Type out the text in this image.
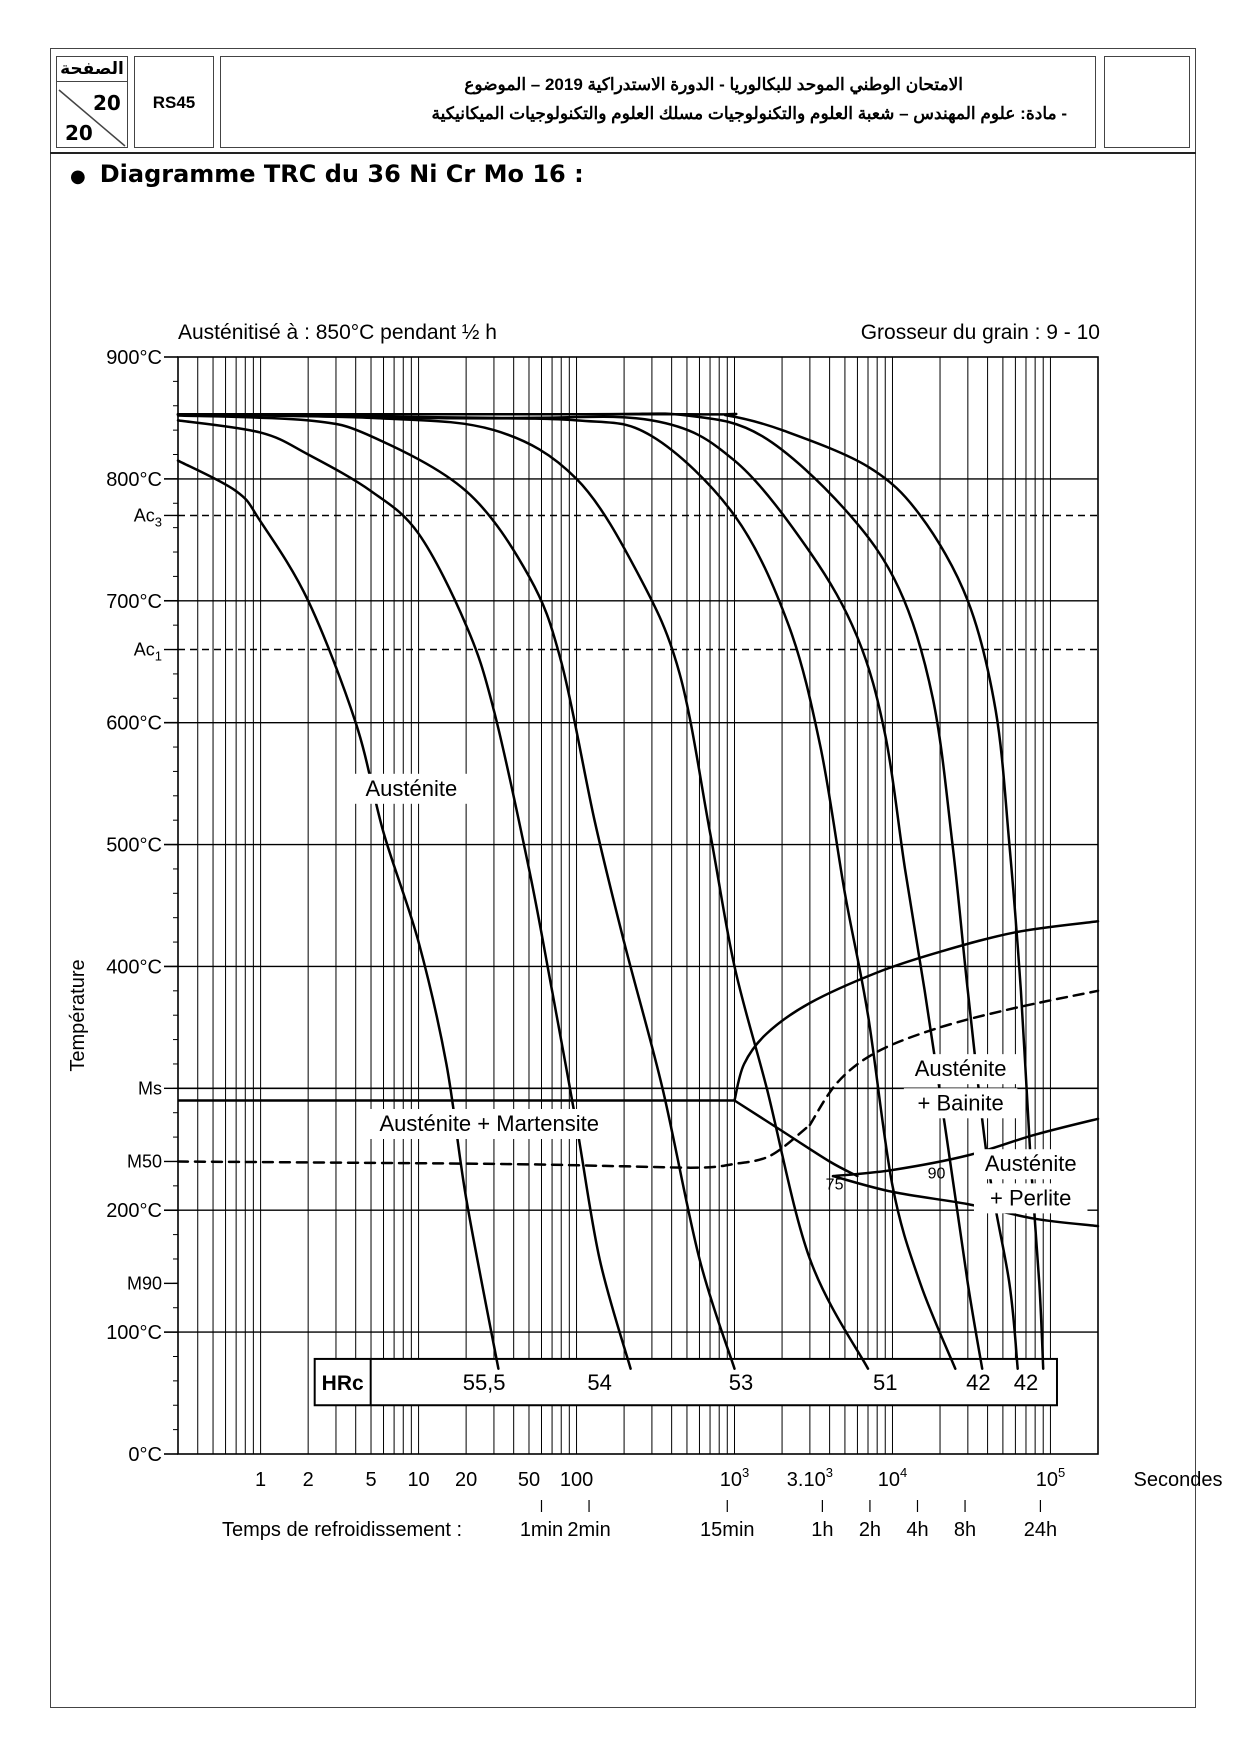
الصفحة
20
20
RS45
الامتحان الوطني الموحد للبكالوريا - الدورة الاستدراكية 2019 – الموضوع
- مادة: علوم المهندس – شعبة العلوم والتكنولوجيات مسلك العلوم والتكنولوجيات الميكانيكية
● Diagramme TRC du 36 Ni Cr Mo 16 :
HRc	55,5	54	53	51	42 42
900°C
800°C
700°C
600°C
500°C
400°C
200°C
100°C
0°C
$Ac_3$
$Ac_1$
Ms
M50
M90
Température
Austénitisé à : 850°C pendant ½ h	Grosseur du grain : 9 - 10
1 2	5 10 20 50 100	$10^3$ 3.10$^3$ $10^4$	$10^5$	Secondes
1min 2min	15min	1h 2h 4h 8h 24h
Temps de refroidissement :
Austénite
Austénite + Martensite
Austénite
+ Bainite
Austénite
+ Perlite
75
90
